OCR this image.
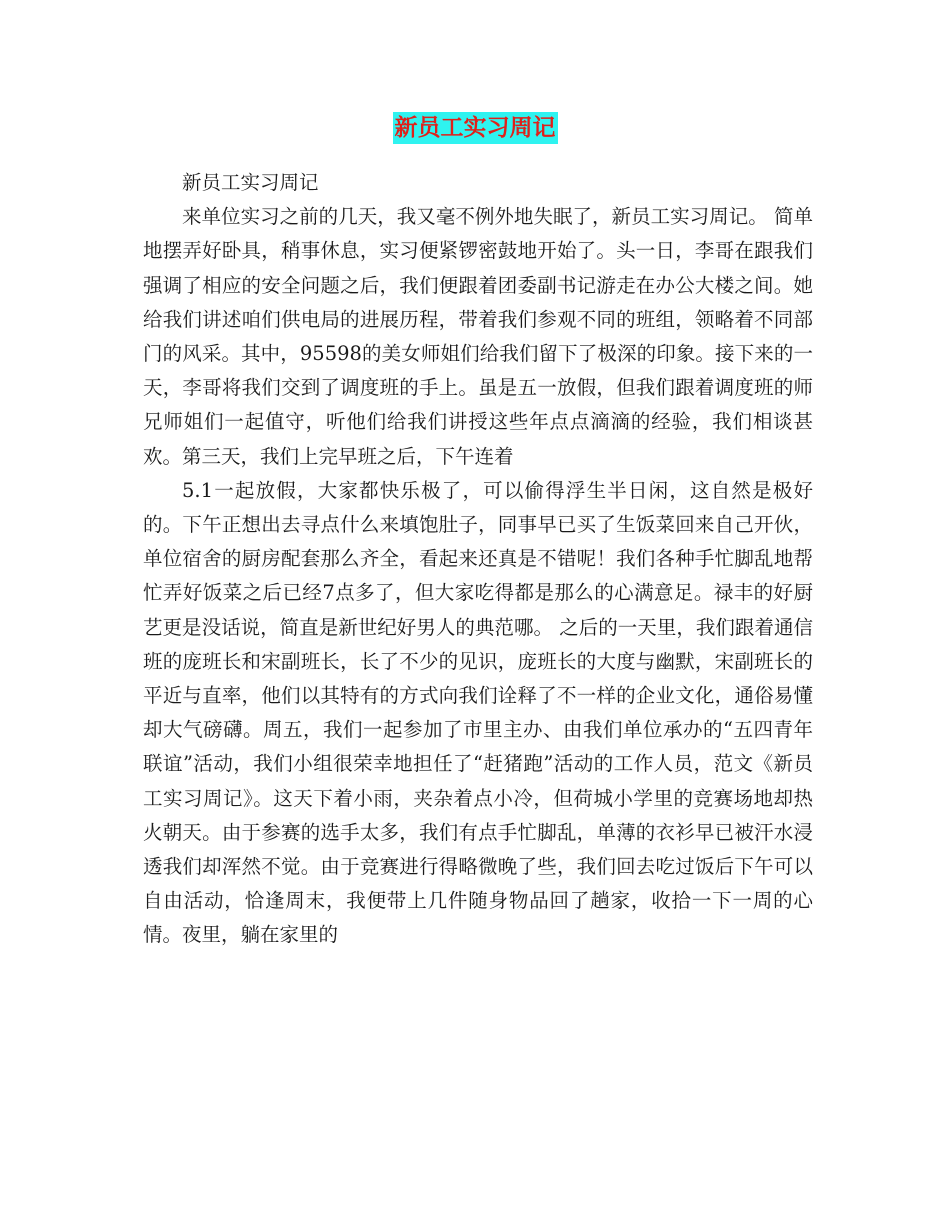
新员工实习周记

新员工实习周记

来单位实习之前的几天，我又毫不例外地失眠了，新员工实习周记。 简单地摆弄好卧具，稍事休息，实习便紧锣密鼓地开始了。头一日，李哥在跟我们强调了相应的安全问题之后，我们便跟着团委副书记游走在办公大楼之间。她给我们讲述咱们供电局的进展历程，带着我们参观不同的班组，领略着不同部门的风采。其中，95598的美女师姐们给我们留下了极深的印象。接下来的一天，李哥将我们交到了调度班的手上。虽是五一放假，但我们跟着调度班的师兄师姐们一起值守，听他们给我们讲授这些年点点滴滴的经验，我们相谈甚欢。第三天，我们上完早班之后，下午连着

5.1一起放假，大家都快乐极了，可以偷得浮生半日闲，这自然是极好的。下午正想出去寻点什么来填饱肚子，同事早已买了生饭菜回来自己开伙，单位宿舍的厨房配套那么齐全，看起来还真是不错呢！我们各种手忙脚乱地帮忙弄好饭菜之后已经7点多了，但大家吃得都是那么的心满意足。禄丰的好厨艺更是没话说，简直是新世纪好男人的典范哪。 之后的一天里，我们跟着通信班的庞班长和宋副班长，长了不少的见识，庞班长的大度与幽默，宋副班长的平近与直率，他们以其特有的方式向我们诠释了不一样的企业文化，通俗易懂却大气磅礴。周五，我们一起参加了市里主办、由我们单位承办的“五四青年联谊”活动，我们小组很荣幸地担任了“赶猪跑”活动的工作人员，范文《新员工实习周记》。这天下着小雨，夹杂着点小冷，但荷城小学里的竞赛场地却热火朝天。由于参赛的选手太多，我们有点手忙脚乱，单薄的衣衫早已被汗水浸透我们却浑然不觉。由于竞赛进行得略微晚了些，我们回去吃过饭后下午可以自由活动，恰逢周末，我便带上几件随身物品回了趟家，收拾一下一周的心情。夜里，躺在家里的
